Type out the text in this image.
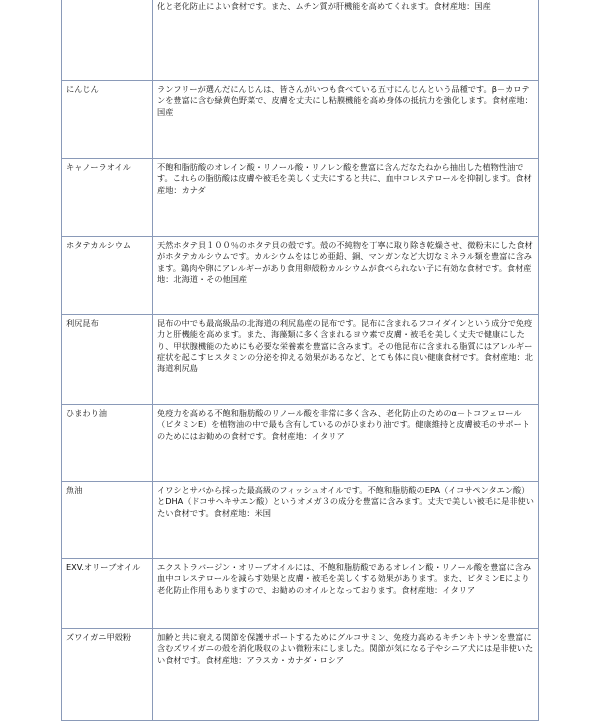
化と老化防止によい食材です。また、ムチン質が肝機能を高めてくれます。食材産地：国産

にんじん	ランフリーが選んだにんじんは、皆さんがいつも食べている五寸にんじんという品種です。β－カロテンを豊富に含む緑黄色野菜で、皮膚を丈夫にし粘膜機能を高め身体の抵抗力を強化します。食材産地：国産

キャノーラオイル	不飽和脂肪酸のオレイン酸・リノール酸・リノレン酸を豊富に含んだなたねから抽出した植物性油です。これらの脂肪酸は皮膚や被毛を美しく丈夫にすると共に、血中コレステロールを抑制します。食材産地：カナダ

ホタテカルシウム	天然ホタテ貝１００％のホタテ貝の殻です。殻の不純物を丁寧に取り除き乾燥させ、微粉末にした食材がホタテカルシウムです。カルシウムをはじめ亜鉛、銅、マンガンなど大切なミネラル類を豊富に含みます。鶏肉や卵にアレルギーがあり食用卵殻粉カルシウムが食べられない子に有効な食材です。食材産地：北海道・その他国産

利尻昆布	昆布の中でも最高級品の北海道の利尻島産の昆布です。昆布に含まれるフコイダインという成分で免疫力と肝機能を高めます。また、海藻類に多く含まれるヨウ素で皮膚・被毛を美しく丈夫で健康にしたり、甲状腺機能のためにも必要な栄養素を豊富に含みます。その他昆布に含まれる脂質にはアレルギー症状を起こすヒスタミンの分泌を抑える効果があるなど、とても体に良い健康食材です。食材産地：北海道利尻島

ひまわり油	免疫力を高める不飽和脂肪酸のリノール酸を非常に多く含み、老化防止のためのα－トコフェロール（ビタミンE）を植物油の中で最も含有しているのがひまわり油です。健康維持と皮膚被毛のサポートのためにはお勧めの食材です。食材産地：イタリア

魚油	イワシとサバから採った最高級のフィッシュオイルです。不飽和脂肪酸のEPA（イコサペンタエン酸）とDHA（ドコサヘキサエン酸）というオメガ３の成分を豊富に含みます。丈夫で美しい被毛に是非使いたい食材です。食材産地：米国

EXV.オリーブオイル	エクストラバージン・オリーブオイルには、不飽和脂肪酸であるオレイン酸・リノール酸を豊富に含み血中コレステロールを減らす効果と皮膚・被毛を美しくする効果があります。また、ビタミンEにより老化防止作用もありますので、お勧めのオイルとなっております。食材産地：イタリア

ズワイガニ甲殻粉	加齢と共に衰える関節を保護サポートするためにグルコサミン、免疫力高めるキチンキトサンを豊富に含むズワイガニの殻を消化吸収のよい微粉末にしました。関節が気になる子やシニア犬には是非使いたい食材です。食材産地：アラスカ・カナダ・ロシア
